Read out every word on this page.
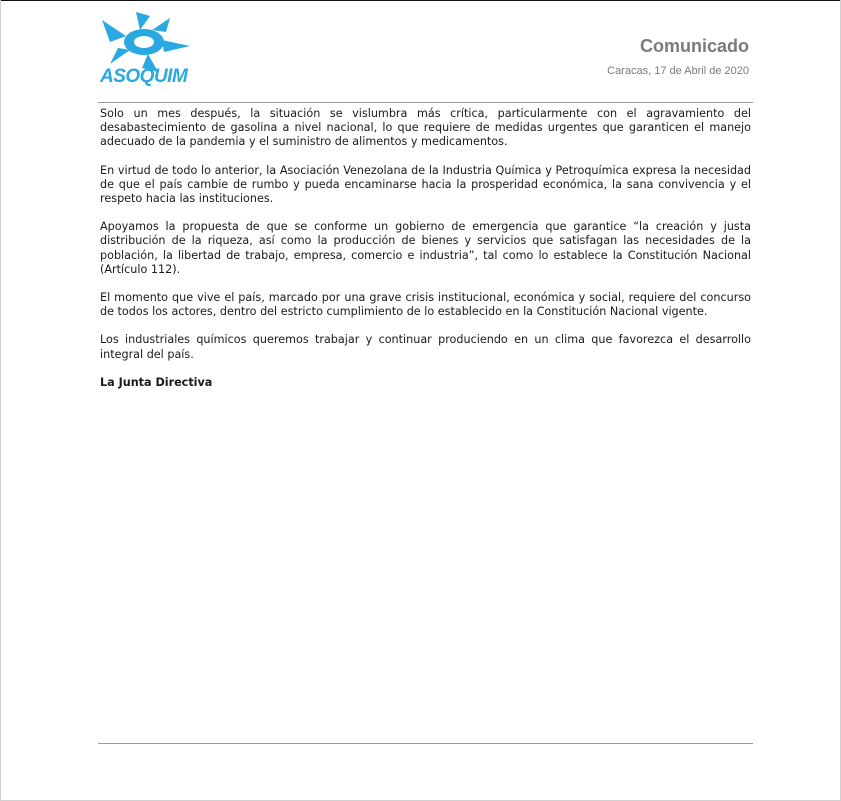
ASOQUIM
Comunicado
Caracas, 17 de Abril de 2020

Solo un mes después, la situación se vislumbra más crítica, particularmente con el agravamiento del desabastecimiento de gasolina a nivel nacional, lo que requiere de medidas urgentes que garanticen el manejo adecuado de la pandemia y el suministro de alimentos y medicamentos.

En virtud de todo lo anterior, la Asociación Venezolana de la Industria Química y Petroquímica expresa la necesidad de que el país cambie de rumbo y pueda encaminarse hacia la prosperidad económica, la sana convivencia y el respeto hacia las instituciones.

Apoyamos la propuesta de que se conforme un gobierno de emergencia que garantice “la creación y justa distribución de la riqueza, así como la producción de bienes y servicios que satisfagan las necesidades de la población, la libertad de trabajo, empresa, comercio e industria”, tal como lo establece la Constitución Nacional (Artículo 112).

El momento que vive el país, marcado por una grave crisis institucional, económica y social, requiere del concurso de todos los actores, dentro del estricto cumplimiento de lo establecido en la Constitución Nacional vigente.

Los industriales químicos queremos trabajar y continuar produciendo en un clima que favorezca el desarrollo integral del país.

La Junta Directiva
